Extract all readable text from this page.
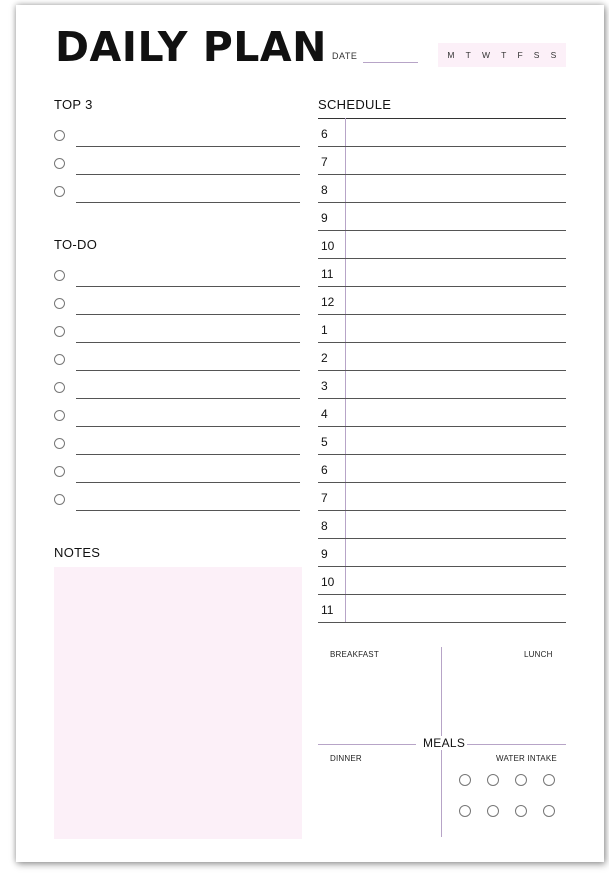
DAILY PLAN DATE	M T W T F S S
TOP 3
TO-DO
NOTES
SCHEDULE
6
7
8
9
10
11
12
1
2
3
4
5
6
7
8
9
10
11
MEALS
BREAKFAST	LUNCH
DINNER	WATER INTAKE
